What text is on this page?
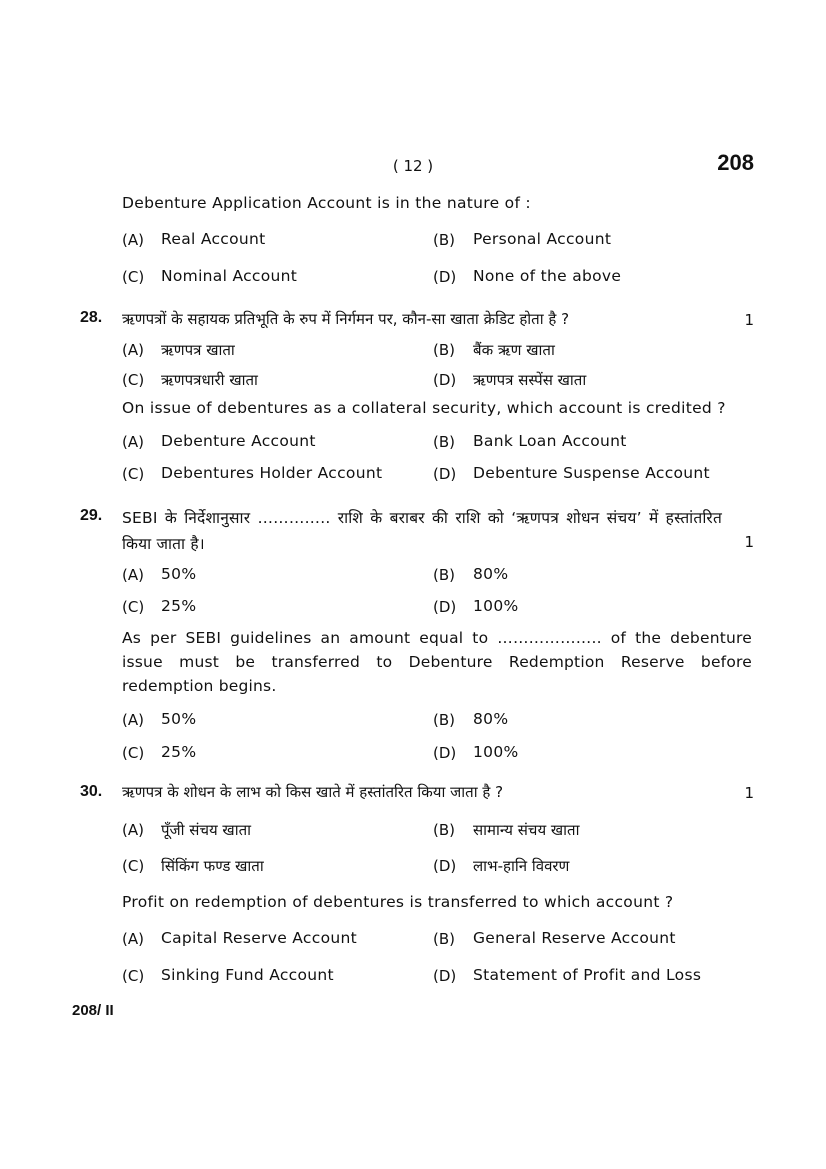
( 12 )	208
Debenture Application Account is in the nature of :
(A) Real Account	(B) Personal Account
(C) Nominal Account	(D) None of the above
28. ऋणपत्रों के सहायक प्रतिभूति के रुप में निर्गमन पर, कौन-सा खाता क्रेडिट होता है ?	1
(A) ऋणपत्र खाता	(B) बैंक ऋण खाता
(C) ऋणपत्रधारी खाता	(D) ऋणपत्र सस्पेंस खाता
On issue of debentures as a collateral security, which account is credited ?
(A) Debenture Account	(B) Bank Loan Account
(C) Debentures Holder Account	(D) Debenture Suspense Account
29. SEBI के निर्देशानुसार ………….. राशि के बराबर की राशि को ‘ऋणपत्र शोधन संचय’ में हस्तांतरित किया जाता है।	1
(A) 50%	(B) 80%
(C) 25%	(D) 100%
As per SEBI guidelines an amount equal to ……………….. of the debenture issue must be transferred to Debenture Redemption Reserve before redemption begins.
(A) 50%	(B) 80%
(C) 25%	(D) 100%
30. ऋणपत्र के शोधन के लाभ को किस खाते में हस्तांतरित किया जाता है ?	1
(A) पूँजी संचय खाता	(B) सामान्य संचय खाता
(C) सिंकिंग फण्ड खाता	(D) लाभ-हानि विवरण
Profit on redemption of debentures is transferred to which account ?
(A) Capital Reserve Account	(B) General Reserve Account
(C) Sinking Fund Account	(D) Statement of Profit and Loss
208/ II
